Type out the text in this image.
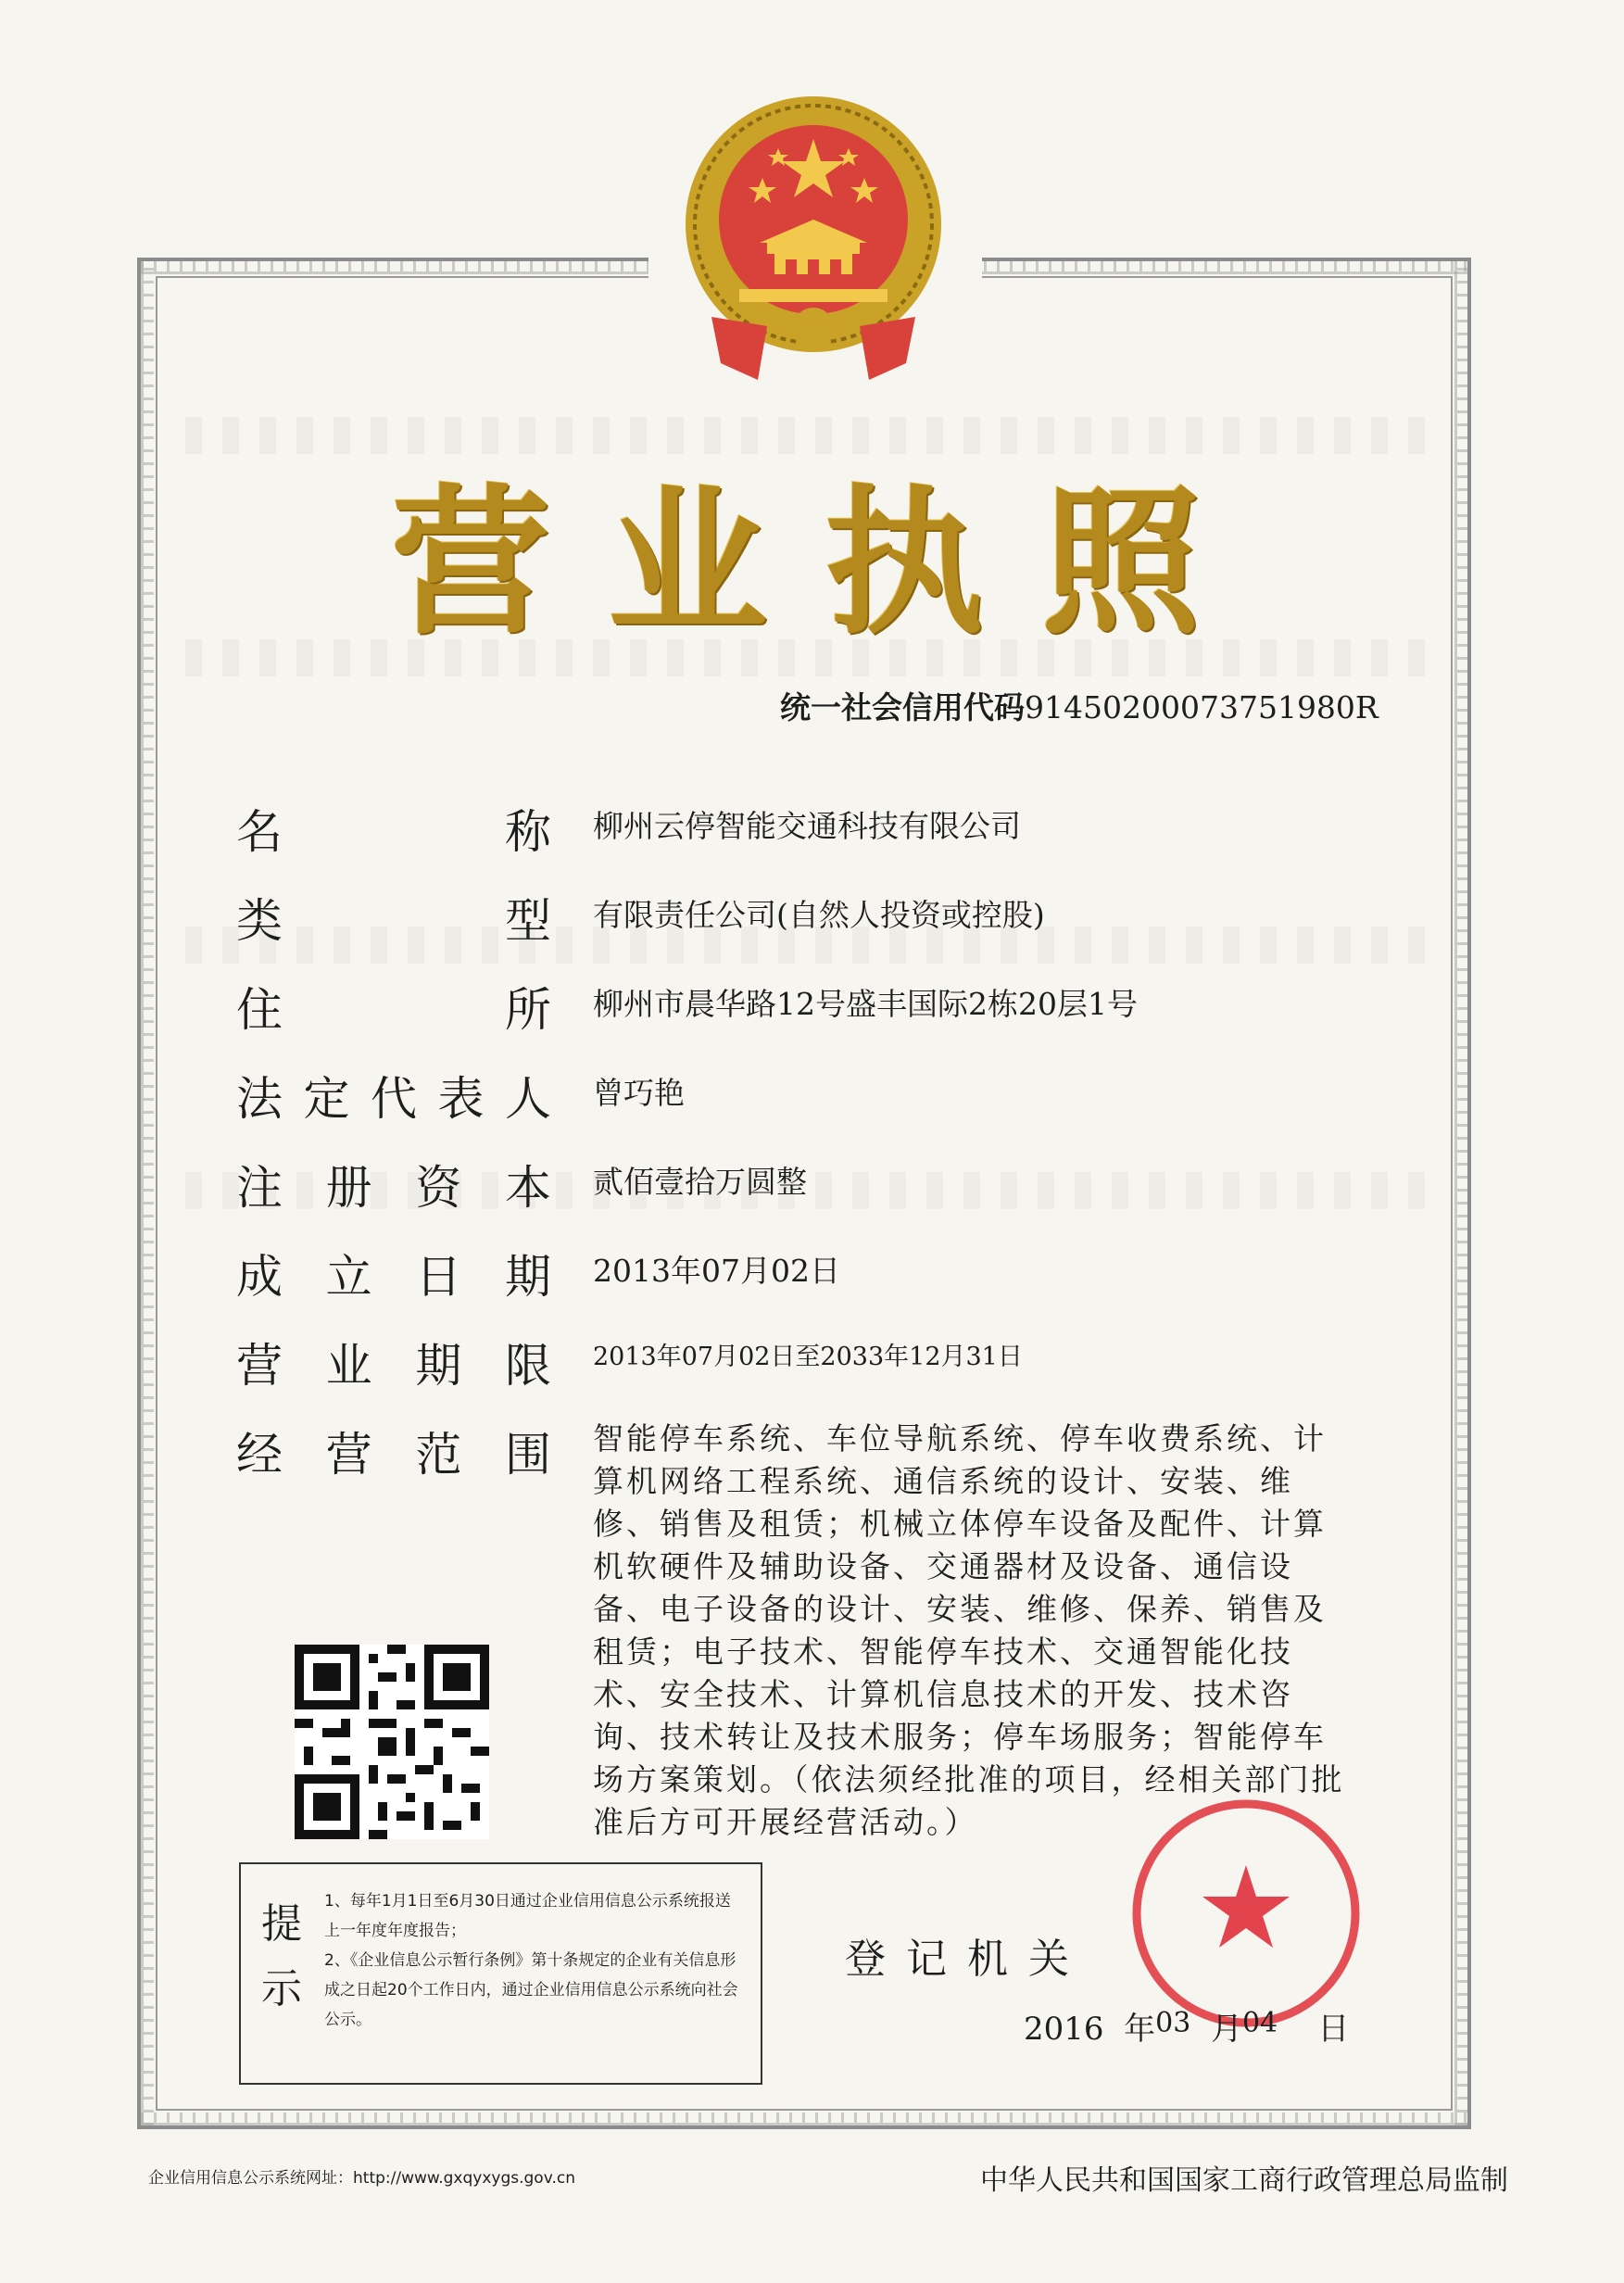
营业执照
统一社会信用代码91450200073751980R
名称 柳州云停智能交通科技有限公司
类型 有限责任公司(自然人投资或控股)
住所 柳州市晨华路12号盛丰国际2栋20层1号
法定代表人 曾巧艳
注册资本 贰佰壹拾万圆整
成立日期 2013年07月02日
营业期限 2013年07月02日至2033年12月31日
经营范围 智能停车系统、车位导航系统、停车收费系统、计算机网络工程系统、通信系统的设计、安装、维修、销售及租赁；机械立体停车设备及配件、计算机软硬件及辅助设备、交通器材及设备、通信设备、电子设备的设计、安装、维修、保养、销售及租赁；电子技术、智能停车技术、交通智能化技术、安全技术、计算机信息技术的开发、技术咨询、技术转让及技术服务；停车场服务；智能停车场方案策划。（依法须经批准的项目，经相关部门批准后方可开展经营活动。）
提示
1、每年1月1日至6月30日通过企业信用信息公示系统报送上一年度年度报告；
2、《企业信息公示暂行条例》第十条规定的企业有关信息形成之日起20个工作日内，通过企业信用信息公示系统向社会公示。
登记机关
2016 年03 月04 日
企业信用信息公示系统网址：http://www.gxqyxygs.gov.cn	中华人民共和国国家工商行政管理总局监制
